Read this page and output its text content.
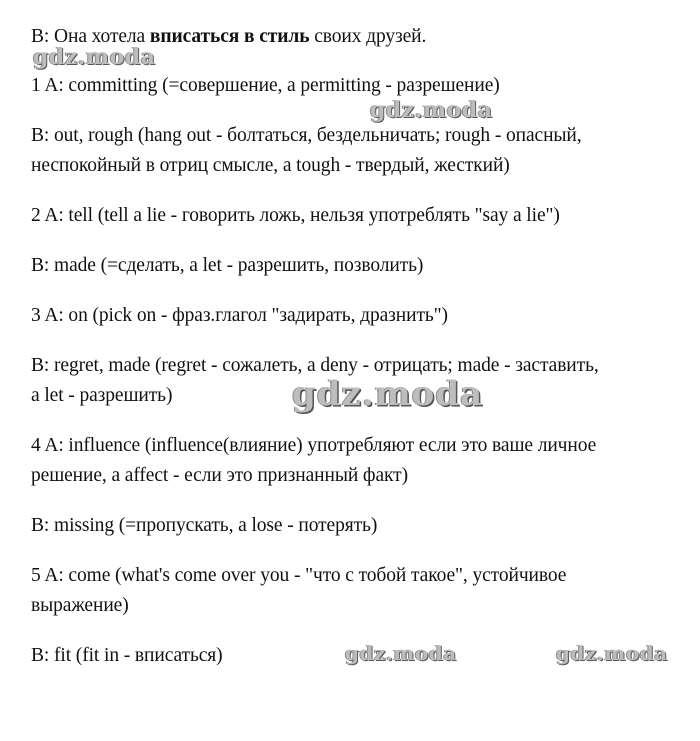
B: Она хотела вписаться в стиль своих друзей.
1 A: committing (=совершение, а permitting - разрешение)
B: out, rough (hang out - болтаться, бездельничать; rough - опасный,
неспокойный в отриц смысле, а tough - твердый, жесткий)
2 A: tell (tell a lie - говорить ложь, нельзя употреблять "say a lie")
B: made (=сделать, а let - разрешить, позволить)
3 A: on (pick on - фраз.глагол "задирать, дразнить")
B: regret, made (regret - сожалеть, а deny - отрицать; made - заставить,
а let - разрешить)
4 A: influence (influence(влияние) употребляют если это ваше личное
решение, а affect - если это признанный факт)
B: missing (=пропускать, а lose - потерять)
5 A: come (what's come over you - "что с тобой такое", устойчивое
выражение)
B: fit (fit in - вписаться)
gdz.moda
gdz.moda
gdz.moda
gdz.moda	gdz.moda
